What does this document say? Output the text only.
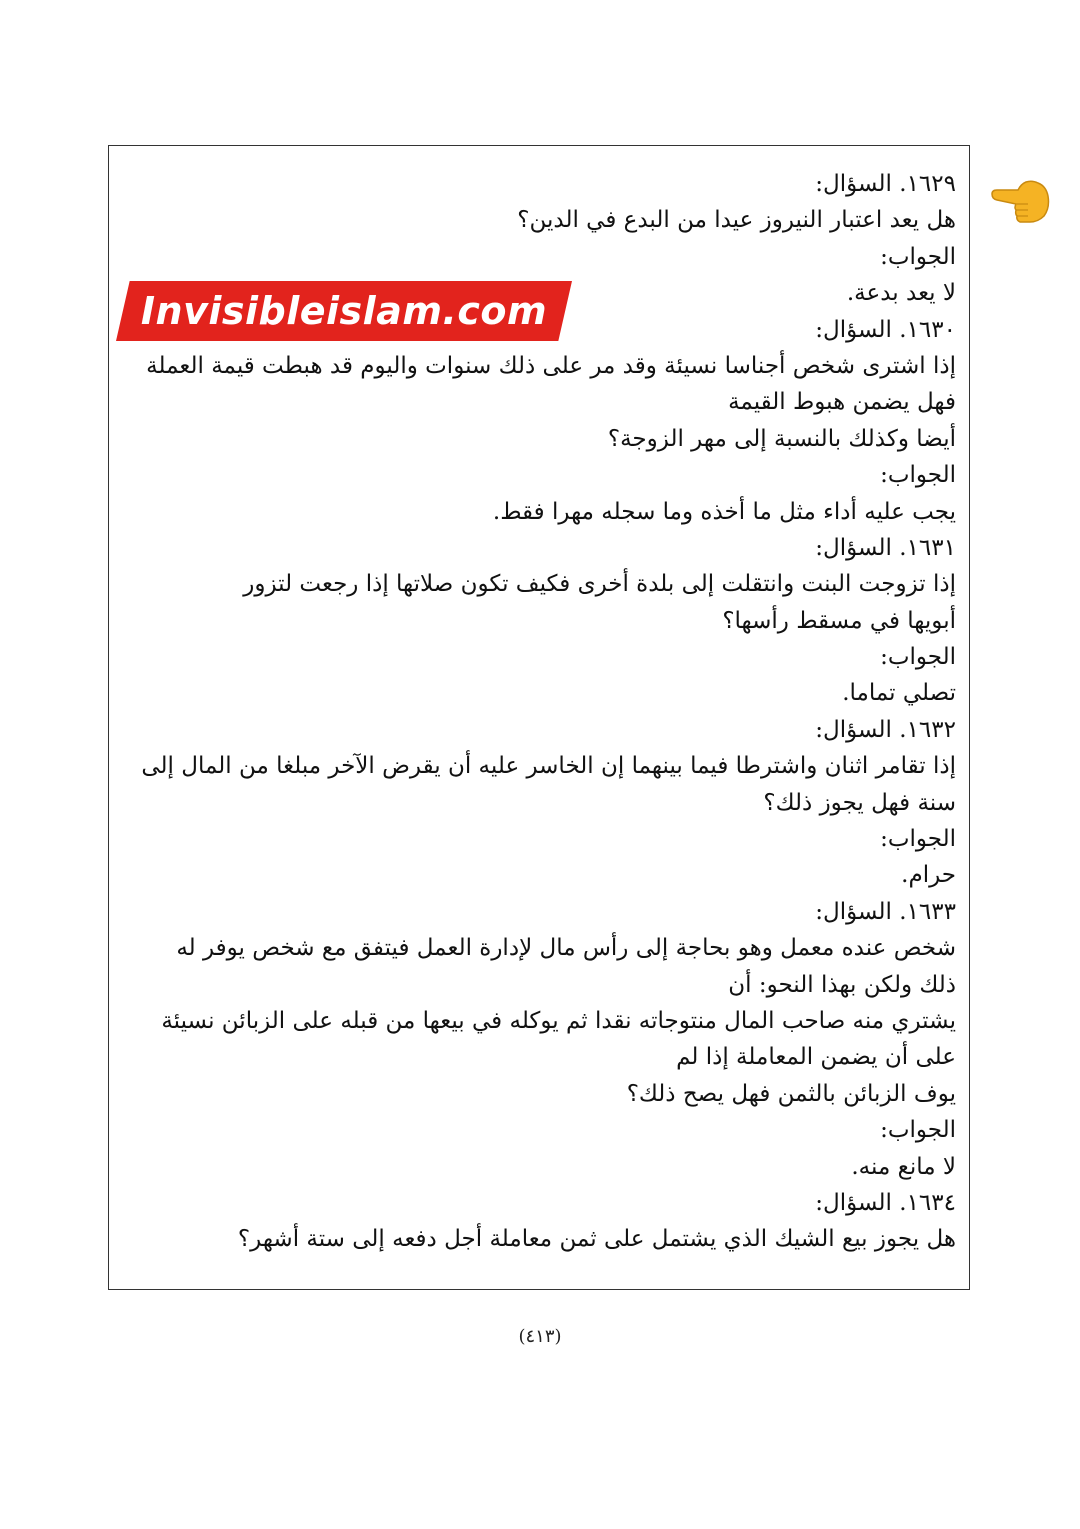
١٦٢٩. السؤال:
هل يعد اعتبار النيروز عيدا من البدع في الدين؟
الجواب:
لا يعد بدعة.
١٦٣٠. السؤال:
إذا اشترى شخص أجناسا نسيئة وقد مر على ذلك سنوات واليوم قد هبطت قيمة العملة
فهل يضمن هبوط القيمة
أيضا وكذلك بالنسبة إلى مهر الزوجة؟
الجواب:
يجب عليه أداء مثل ما أخذه وما سجله مهرا فقط.
١٦٣١. السؤال:
إذا تزوجت البنت وانتقلت إلى بلدة أخرى فكيف تكون صلاتها إذا رجعت لتزور
أبويها في مسقط رأسها؟
الجواب:
تصلي تماما.
١٦٣٢. السؤال:
إذا تقامر اثنان واشترطا فيما بينهما إن الخاسر عليه أن يقرض الآخر مبلغا من المال إلى
سنة فهل يجوز ذلك؟
الجواب:
حرام.
١٦٣٣. السؤال:
شخص عنده معمل وهو بحاجة إلى رأس مال لإدارة العمل فيتفق مع شخص يوفر له
ذلك ولكن بهذا النحو: أن
يشتري منه صاحب المال منتوجاته نقدا ثم يوكله في بيعها من قبله على الزبائن نسيئة
على أن يضمن المعاملة إذا لم
يوف الزبائن بالثمن فهل يصح ذلك؟
الجواب:
لا مانع منه.
١٦٣٤. السؤال:
هل يجوز بيع الشيك الذي يشتمل على ثمن معاملة أجل دفعه إلى ستة أشهر؟
Invisibleislam.com
(٤١٣)
